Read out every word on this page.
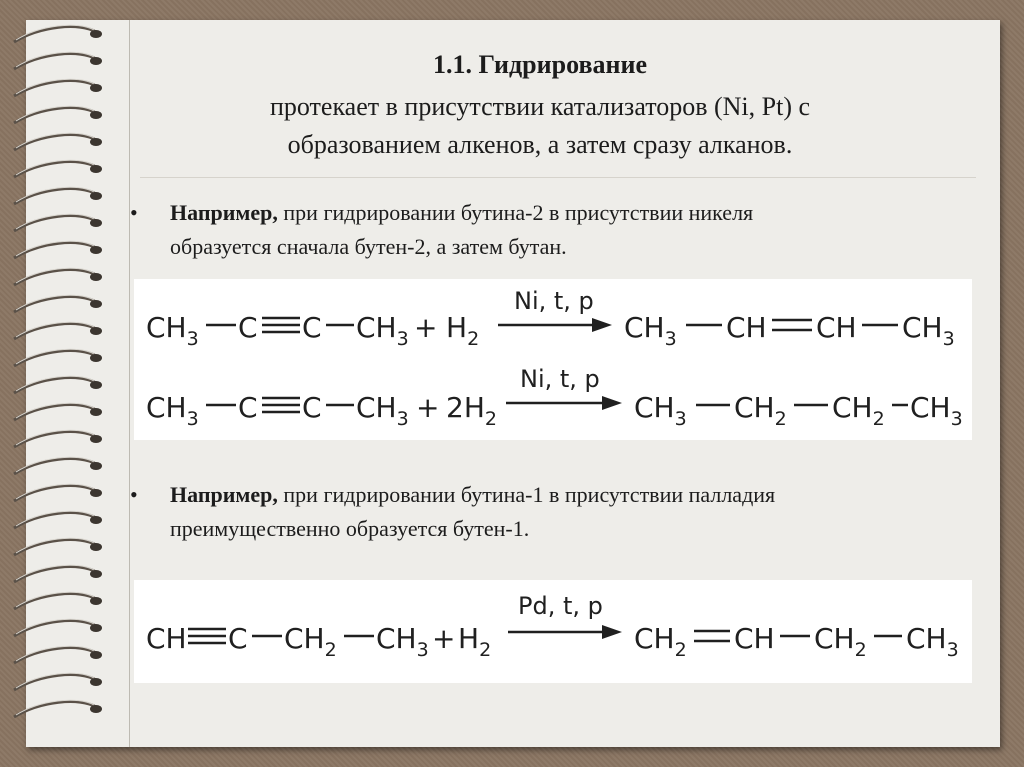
1.1. Гидрирование
протекает в присутствии катализаторов (Ni, Pt) с
образованием алкенов, а затем сразу алканов.
• Например, при гидрировании бутина-2 в присутствии никеля
образуется сначала бутен-2, а затем бутан.
$CH_3$ C C $CH_3 + H_2$
Ni, t, p
$CH_3$ CH CH $CH_3$
$CH_3$ C C $CH_3 + 2H_2$
Ni, t, p
$CH_3$ $CH_2$ $CH_2$ $CH_3$
• Например, при гидрировании бутина-1 в присутствии палладия
преимущественно образуется бутен-1.
CH C $CH_2$ $CH_3 + H_2$
Pd, t, p
$CH_2$ CH $CH_2$ $CH_3$
